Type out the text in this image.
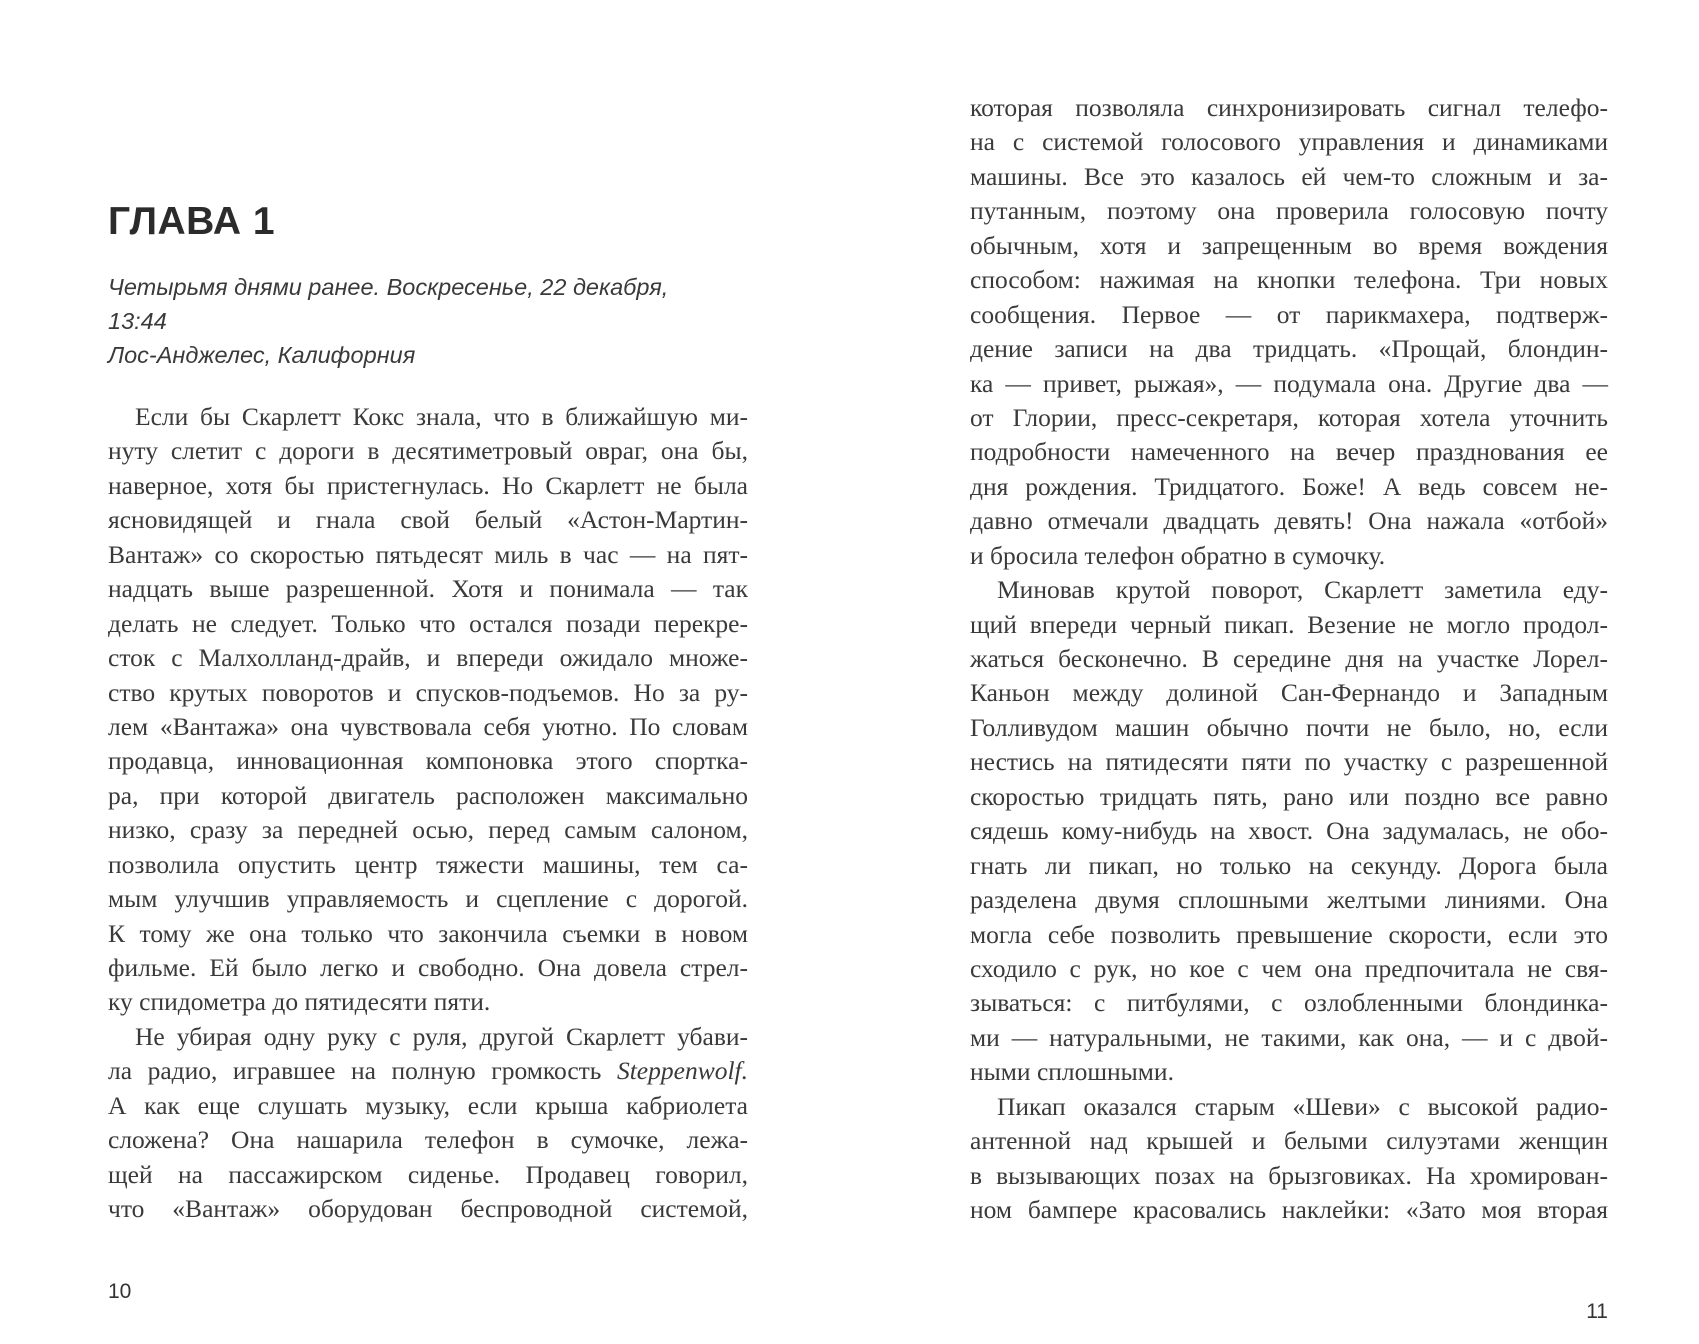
ГЛАВА 1
Четырьмя днями ранее. Воскресенье, 22 декабря,
13:44
Лос-Анджелес, Калифорния
Если бы Скарлетт Кокс знала, что в ближайшую ми-
нуту слетит с дороги в десятиметровый овраг, она бы,
наверное, хотя бы пристегнулась. Но Скарлетт не была
ясновидящей и гнала свой белый «Астон-Мартин-
Вантаж» со скоростью пятьдесят миль в час — на пят-
надцать выше разрешенной. Хотя и понимала — так
делать не следует. Только что остался позади перекре-
сток с Малхолланд-драйв, и впереди ожидало множе-
ство крутых поворотов и спусков-подъемов. Но за ру-
лем «Вантажа» она чувствовала себя уютно. По словам
продавца, инновационная компоновка этого спортка-
ра, при которой двигатель расположен максимально
низко, сразу за передней осью, перед самым салоном,
позволила опустить центр тяжести машины, тем са-
мым улучшив управляемость и сцепление с дорогой.
К тому же она только что закончила съемки в новом
фильме. Ей было легко и свободно. Она довела стрел-
ку спидометра до пятидесяти пяти.
Не убирая одну руку с руля, другой Скарлетт убави-
ла радио, игравшее на полную громкость Steppenwolf.
А как еще слушать музыку, если крыша кабриолета
сложена? Она нашарила телефон в сумочке, лежа-
щей на пассажирском сиденье. Продавец говорил,
что «Вантаж» оборудован беспроводной системой,
10
которая позволяла синхронизировать сигнал телефо-
на с системой голосового управления и динамиками
машины. Все это казалось ей чем-то сложным и за-
путанным, поэтому она проверила голосовую почту
обычным, хотя и запрещенным во время вождения
способом: нажимая на кнопки телефона. Три новых
сообщения. Первое — от парикмахера, подтверж-
дение записи на два тридцать. «Прощай, блондин-
ка — привет, рыжая», — подумала она. Другие два —
от Глории, пресс-секретаря, которая хотела уточнить
подробности намеченного на вечер празднования ее
дня рождения. Тридцатого. Боже! А ведь совсем не-
давно отмечали двадцать девять! Она нажала «отбой»
и бросила телефон обратно в сумочку.
Миновав крутой поворот, Скарлетт заметила еду-
щий впереди черный пикап. Везение не могло продол-
жаться бесконечно. В середине дня на участке Лорел-
Каньон между долиной Сан-Фернандо и Западным
Голливудом машин обычно почти не было, но, если
нестись на пятидесяти пяти по участку с разрешенной
скоростью тридцать пять, рано или поздно все равно
сядешь кому-нибудь на хвост. Она задумалась, не обо-
гнать ли пикап, но только на секунду. Дорога была
разделена двумя сплошными желтыми линиями. Она
могла себе позволить превышение скорости, если это
сходило с рук, но кое с чем она предпочитала не свя-
зываться: с питбулями, с озлобленными блондинка-
ми — натуральными, не такими, как она, — и с двой-
ными сплошными.
Пикап оказался старым «Шеви» с высокой радио-
антенной над крышей и белыми силуэтами женщин
в вызывающих позах на брызговиках. На хромирован-
ном бампере красовались наклейки: «Зато моя вторая
11
